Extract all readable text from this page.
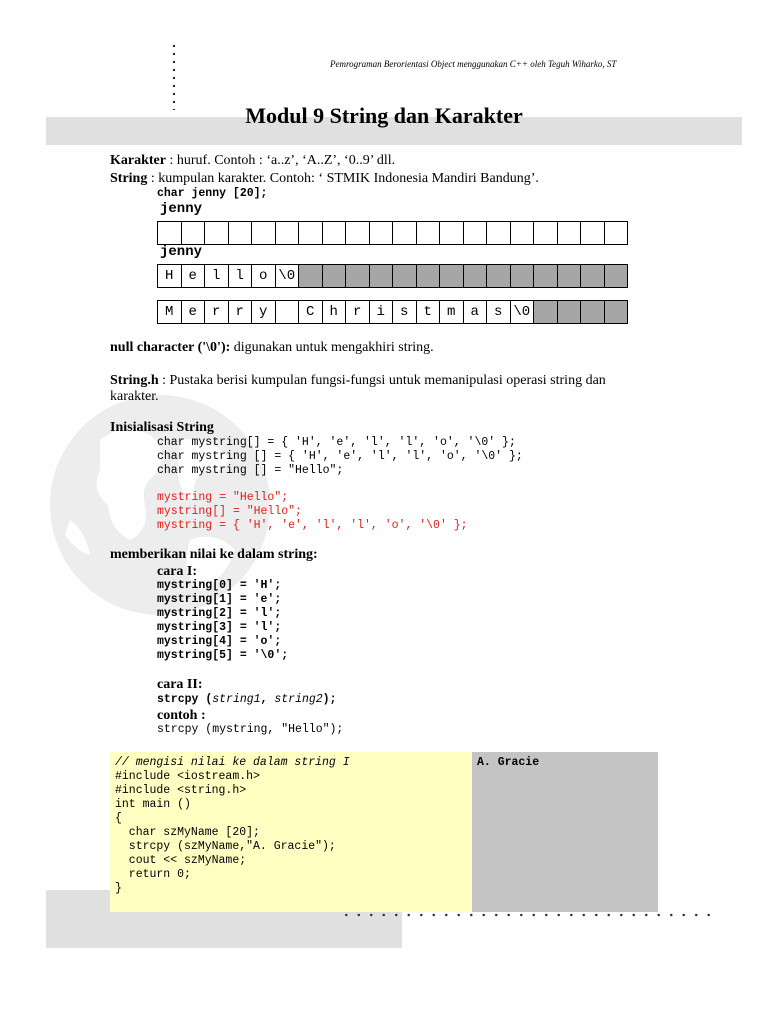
Pemrograman Berorientasi Object menggunakan C++ oleh Teguh Wiharko, ST
Modul 9 String dan Karakter
Karakter : huruf. Contoh : ‘a..z’, ‘A..Z’, ‘0..9’ dll.
String : kumpulan karakter. Contoh: ‘ STMIK Indonesia Mandiri Bandung’.
char jenny [20];
jenny

jenny
H	e	l	l	o	\0														
M	e	r	r	y		C	h	r	i	s	t	m	a	s	\0				
null character ('\0'): digunakan untuk mengakhiri string.
String.h : Pustaka berisi kumpulan fungsi-fungsi untuk memanipulasi operasi string dan
karakter.
Inisialisasi String
char mystring[] = { 'H', 'e', 'l', 'l', 'o', '\0' };
char mystring [] = { 'H', 'e', 'l', 'l', 'o', '\0' };
char mystring [] = "Hello";
mystring = "Hello";
mystring[] = "Hello";
mystring = { 'H', 'e', 'l', 'l', 'o', '\0' };
memberikan nilai ke dalam string:
cara I:
mystring[0] = 'H';
mystring[1] = 'e';
mystring[2] = 'l';
mystring[3] = 'l';
mystring[4] = 'o';
mystring[5] = '\0';
cara II:
strcpy (string1, string2);
contoh :
strcpy (mystring, "Hello");
// mengisi nilai ke dalam string I
#include <iostream.h>
#include <string.h>
int main ()
{
char szMyName [20];
strcpy (szMyName,"A. Gracie");
cout << szMyName;
return 0;
}
A. Gracie
